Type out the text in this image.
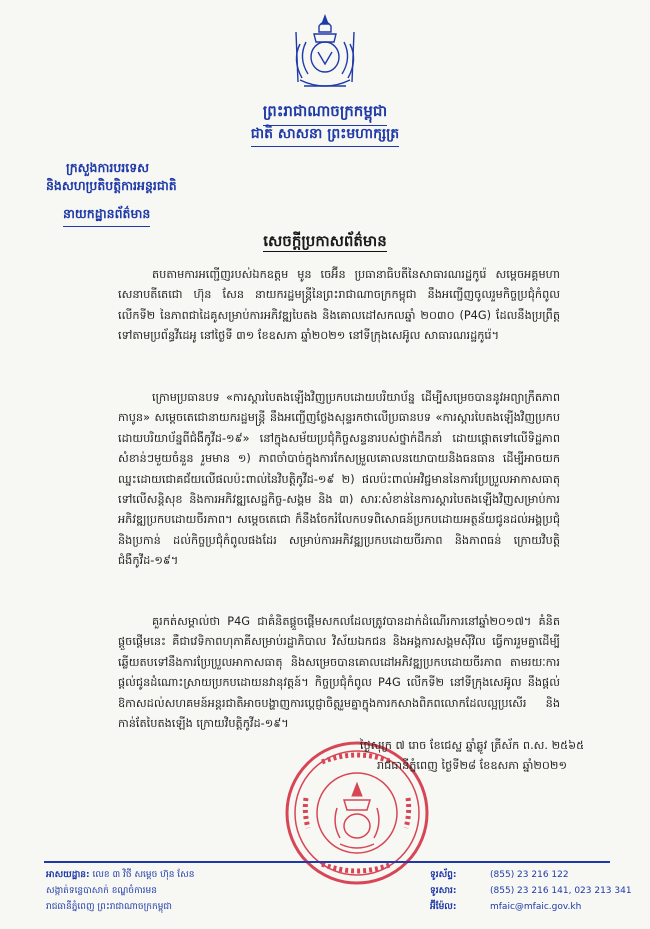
ព្រះរាជាណាចក្រកម្ពុជា
ជាតិ សាសនា ព្រះមហាក្សត្រ
ក្រសួងការបរទេស
និងសហប្រតិបត្តិការអន្តរជាតិ
នាយកដ្ឋានព័ត៌មាន
សេចក្តីប្រកាសព័ត៌មាន
តបតាមការអញ្ជើញរបស់ឯកឧត្តម មូន ចេអ៊ីន ប្រធានាធិបតីនៃសាធារណរដ្ឋកូរ៉េ សម្តេចអគ្គមហាសេនាបតីតេជោ ហ៊ុន សែន នាយករដ្ឋមន្ត្រីនៃព្រះរាជាណាចក្រកម្ពុជា នឹងអញ្ជើញចូលរួមកិច្ចប្រជុំកំពូលលើកទី២ នៃភាពជាដៃគូសម្រាប់ការអភិវឌ្ឍបៃតង និងគោលដៅសកលឆ្នាំ ២០៣០ (P4G) ដែលនឹងប្រព្រឹត្តទៅតាមប្រព័ន្ធវីដេអូ នៅថ្ងៃទី ៣១ ខែឧសភា ឆ្នាំ២០២១ នៅទីក្រុងសេអ៊ូល សាធារណរដ្ឋកូរ៉េ។
ក្រោមប្រធានបទ «ការស្តារបៃតងឡើងវិញប្រកបដោយបរិយាប័ន្ន ដើម្បីសម្រេចបាននូវអព្យាក្រឹតភាពកាបូន» សម្តេចតេជោនាយករដ្ឋមន្ត្រី នឹងអញ្ជើញថ្លែងសុន្ទរកថាលើប្រធានបទ «ការស្តារបៃតងឡើងវិញប្រកបដោយបរិយាប័ន្នពីជំងឺកូវីដ-១៩» នៅក្នុងសម័យប្រជុំកិច្ចសន្ទនារបស់ថ្នាក់ដឹកនាំ ដោយផ្តោតទៅលើទិដ្ឋភាពសំខាន់ៗមួយចំនួន រួមមាន ១) ភាពចាំបាច់ក្នុងការកែសម្រួលគោលនយោបាយនិងធនធាន ដើម្បីអាចយកឈ្នះដោយជោគជ័យលើផលប៉ះពាល់នៃវិបត្តិកូវីដ-១៩ ២) ផលប៉ះពាល់អវិជ្ជមាននៃការប្រែប្រួលអាកាសធាតុទៅលើសន្តិសុខ និងការអភិវឌ្ឍសេដ្ឋកិច្ច-សង្គម និង ៣) សារៈសំខាន់នៃការស្តារបៃតងឡើងវិញសម្រាប់ការអភិវឌ្ឍប្រកបដោយចីរភាព។ សម្តេចតេជោ ក៏នឹងចែករំលែកបទពិសោធន៍ប្រកបដោយអត្ថន័យជូនដល់អង្គប្រជុំ និងប្រកាន់ ដល់កិច្ចប្រជុំកំពូលផងដែរ សម្រាប់ការអភិវឌ្ឍប្រកបដោយចីរភាព និងភាពធន់ ក្រោយវិបត្តិជំងឺកូវីដ-១៩។
គួរកត់សម្គាល់ថា P4G ជាគំនិតផ្តួចផ្តើមសកលដែលត្រូវបានដាក់ដំណើរការនៅឆ្នាំ២០១៧។ គំនិតផ្តួចផ្តើមនេះ គឺជាវេទិកាពហុភាគីសម្រាប់រដ្ឋាភិបាល វិស័យឯកជន និងអង្គការសង្គមស៊ីវិល ធ្វើការរួមគ្នាដើម្បីឆ្លើយតបទៅនឹងការប្រែប្រួលអាកាសធាតុ និងសម្រេចបានគោលដៅអភិវឌ្ឍប្រកបដោយចីរភាព តាមរយៈការផ្តល់ជូនដំណោះស្រាយប្រកបដោយនវានុវត្តន៍។ កិច្ចប្រជុំកំពូល P4G លើកទី២ នៅទីក្រុងសេអ៊ូល នឹងផ្តល់ឱកាសដល់សហគមន៍អន្តរជាតិអាចបង្ហាញការប្តេជ្ញាចិត្តរួមគ្នាក្នុងការកសាងពិភពលោកដែលល្អប្រសើរ និងកាន់តែបៃតងឡើង ក្រោយវិបត្តិកូវីដ-១៩។
ថ្ងៃសុក្រ ៧ រោច ខែជេស្ឋ ឆ្នាំឆ្លូវ ត្រីស័ក ព.ស. ២៥៦៥
រាជធានីភ្នំពេញ ថ្ងៃទី២៨ ខែឧសភា ឆ្នាំ២០២១
អាសយដ្ឋាន: លេខ ៣ វិថី សម្តេច ហ៊ុន សែន
សង្កាត់ទន្លេបាសាក់ ខណ្ឌចំការមន
រាជធានីភ្នំពេញ ព្រះរាជាណាចក្រកម្ពុជា
ទូរស័ព្ទ:	(855) 23 216 122
ទូរសារ:	(855) 23 216 141, 023 213 341
អ៊ីម៉ែល:	mfaic@mfaic.gov.kh
